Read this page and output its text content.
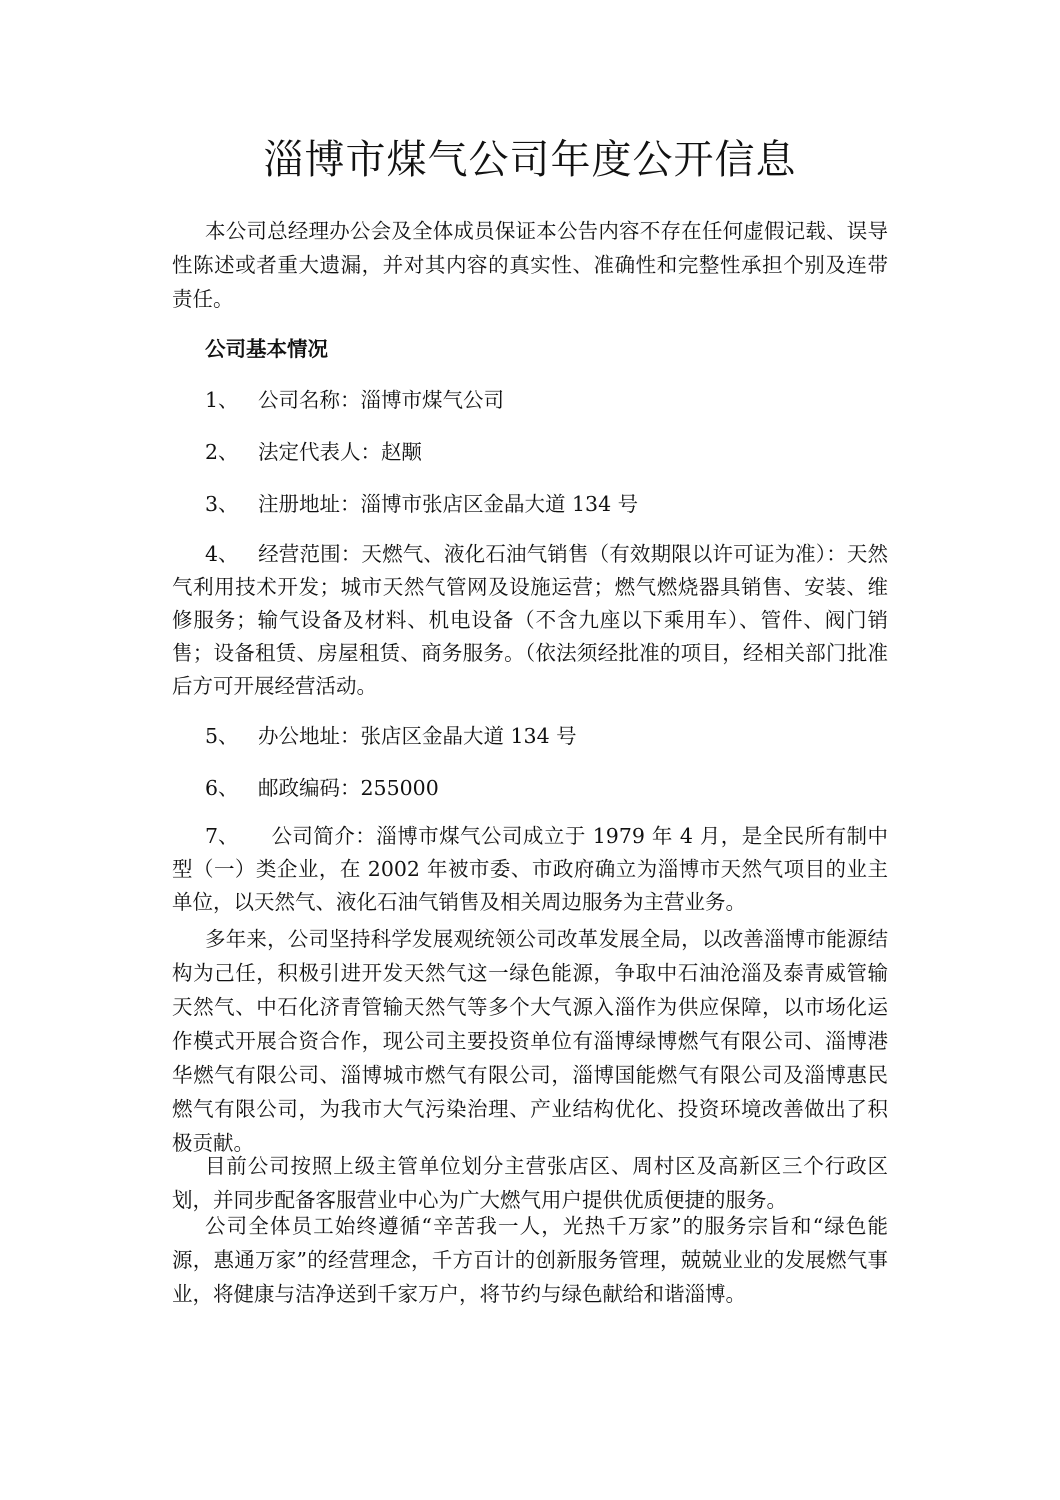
淄博市煤气公司年度公开信息

本公司总经理办公会及全体成员保证本公告内容不存在任何虚假记载、误导性陈述或者重大遗漏，并对其内容的真实性、准确性和完整性承担个别及连带责任。

公司基本情况
1、 公司名称：淄博市煤气公司
2、 法定代表人：赵颙
3、 注册地址：淄博市张店区金晶大道 134 号
4、 经营范围：天燃气、液化石油气销售（有效期限以许可证为准）：天然气利用技术开发；城市天然气管网及设施运营；燃气燃烧器具销售、安装、维修服务；输气设备及材料、机电设备（不含九座以下乘用车）、管件、阀门销售；设备租赁、房屋租赁、商务服务。（依法须经批准的项目，经相关部门批准后方可开展经营活动。
5、 办公地址：张店区金晶大道 134 号
6、 邮政编码：255000
7、 公司简介：淄博市煤气公司成立于 1979 年 4 月，是全民所有制中型（一）类企业，在 2002 年被市委、市政府确立为淄博市天然气项目的业主单位，以天然气、液化石油气销售及相关周边服务为主营业务。

多年来，公司坚持科学发展观统领公司改革发展全局，以改善淄博市能源结构为己任，积极引进开发天然气这一绿色能源，争取中石油沧淄及泰青威管输天然气、中石化济青管输天然气等多个大气源入淄作为供应保障，以市场化运作模式开展合资合作，现公司主要投资单位有淄博绿博燃气有限公司、淄博港华燃气有限公司、淄博城市燃气有限公司，淄博国能燃气有限公司及淄博惠民燃气有限公司，为我市大气污染治理、产业结构优化、投资环境改善做出了积极贡献。

目前公司按照上级主管单位划分主营张店区、周村区及高新区三个行政区划，并同步配备客服营业中心为广大燃气用户提供优质便捷的服务。

公司全体员工始终遵循“辛苦我一人，光热千万家”的服务宗旨和“绿色能源，惠通万家”的经营理念，千方百计的创新服务管理，兢兢业业的发展燃气事业，将健康与洁净送到千家万户，将节约与绿色献给和谐淄博。
